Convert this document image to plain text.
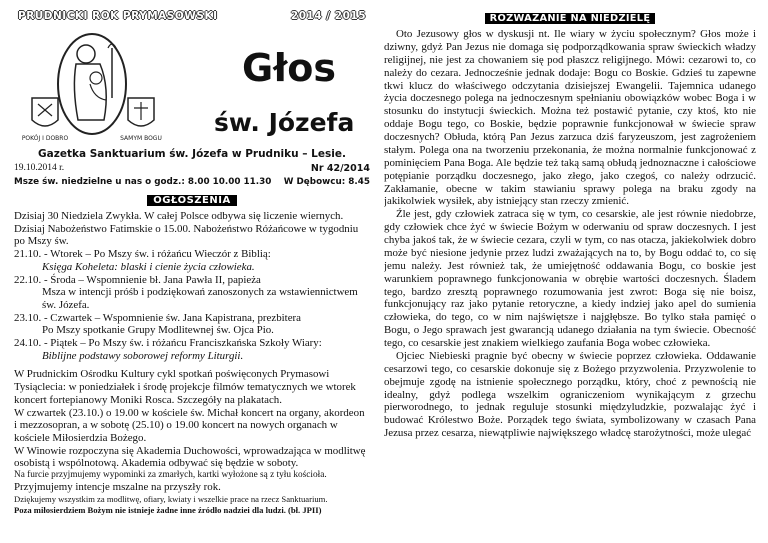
PRUDNICKI ROK PRYMASOWSKI	2014 / 2015
POKÓJ I DOBRO	SAMYM BOGU
Głos
św. Józefa
Gazetka Sanktuarium św. Józefa w Prudniku – Lesie.
19.10.2014 r.	Nr 42/2014
Msze św. niedzielne u nas o godz.: 8.00 10.00 11.30 W Dębowcu: 8.45
OGŁOSZENIA

Dzisiaj 30 Niedziela Zwykła. W całej Polsce odbywa się liczenie wiernych. Dzisiaj Nabożeństwo Fatimskie o 15.00. Nabożeństwo Różańcowe w tygodniu po Mszy św.

21.10. - Wtorek – Po Mszy św. i różańcu Wieczór z Biblią:

Księga Koheleta: blaski i cienie życia człowieka.

22.10. - Środa – Wspomnienie bł. Jana Pawła II, papieża

Msza w intencji próśb i podziękowań zanoszonych za wstawiennictwem św. Józefa.

23.10. - Czwartek – Wspomnienie św. Jana Kapistrana, prezbitera

Po Mszy spotkanie Grupy Modlitewnej św. Ojca Pio.

24.10. - Piątek – Po Mszy św. i różańcu Franciszkańska Szkoły Wiary:

Biblijne podstawy soborowej reformy Liturgii.

W Prudnickim Ośrodku Kultury cykl spotkań poświęconych Prymasowi Tysiąclecia: w poniedziałek i środę projekcje filmów tematycznych we wtorek koncert fortepianowy Moniki Rosca. Szczegóły na plakatach.

W czwartek (23.10.) o 19.00 w kościele św. Michał koncert na organy, akordeon i mezzosopran, a w sobotę (25.10) o 19.00 koncert na nowych organach w kościele Miłosierdzia Bożego.

W Winowie rozpoczyna się Akademia Duchowości, wprowadzająca w modlitwę osobistą i wspólnotową. Akademia odbywać się będzie w soboty.

Na furcie przyjmujemy wypominki za zmarłych, kartki wyłożone są z tyłu kościoła.

Przyjmujemy intencje mszalne na przyszły rok.

Dziękujemy wszystkim za modlitwę, ofiary, kwiaty i wszelkie prace na rzecz Sanktuarium.

Poza miłosierdziem Bożym nie istnieje żadne inne źródło nadziei dla ludzi. (bł. JPII)

ROZWAŻANIE NA NIEDZIELĘ

Oto Jezusowy głos w dyskusji nt. Ile wiary w życiu społecznym? Głos może i dziwny, gdyż Pan Jezus nie domaga się podporządkowania spraw świeckich władzy religijnej, nie jest za chowaniem się pod płaszcz religijnego. Mówi: cezarowi to, co należy do cezara. Jednocześnie jednak dodaje: Bogu co Boskie. Gdzieś tu zapewne tkwi klucz do właściwego odczytania dzisiejszej Ewangelii. Tajemnica udanego życia doczesnego polega na jednoczesnym spełnianiu obowiązków wobec Boga i w stosunku do instytucji świeckich. Można też postawić pytanie, czy ktoś, kto nie oddaje Bogu tego, co Boskie, będzie poprawnie funkcjonował w świecie spraw doczesnych? Obłuda, którą Pan Jezus zarzuca dziś faryzeuszom, jest zagrożeniem stałym. Polega ona na tworzeniu przekonania, że można normalnie funkcjonować z pominięciem Pana Boga. Ale będzie też taką samą obłudą jednoznaczne i całościowe potępianie porządku doczesnego, jako złego, jako czegoś, co należy odrzucić. Zakłamanie, obecne w takim stawianiu sprawy polega na braku zgody na jakikolwiek wysiłek, aby istniejący stan rzeczy zmienić.

Źle jest, gdy człowiek zatraca się w tym, co cesarskie, ale jest równie niedobrze, gdy człowiek chce żyć w świecie Bożym w oderwaniu od spraw doczesnych. I jest chyba jakoś tak, że w świecie cezara, czyli w tym, co nas otacza, jakiekolwiek dobro może być niesione jedynie przez ludzi zważających na to, by Bogu oddać to, co się jemu należy. Jest również tak, że umiejętność oddawania Bogu, co boskie jest warunkiem poprawnego funkcjonowania w obrębie wartości doczesnych. Śladem tego, bardzo zresztą poprawnego rozumowania jest zwrot: Boga się nie boisz, funkcjonujący raz jako pytanie retoryczne, a kiedy indziej jako apel do sumienia człowieka, do tego, co w nim najświętsze i najgłębsze. Bo tylko stała pamięć o Bogu, o Jego sprawach jest gwarancją udanego działania na tym świecie. Obecność tego, co cesarskie jest znakiem wielkiego zaufania Boga wobec człowieka.

Ojciec Niebieski pragnie być obecny w świecie poprzez człowieka. Oddawanie cesarzowi tego, co cesarskie dokonuje się z Bożego przyzwolenia. Przyzwolenie to obejmuje zgodę na istnienie społecznego porządku, który, choć z pewnością nie idealny, gdyż podlega wszelkim ograniczeniom wynikającym z grzechu pierworodnego, to jednak reguluje stosunki międzyludzkie, pozwalając żyć i budować Królestwo Boże. Porządek tego świata, symbolizowany w czasach Pana Jezusa przez cesarza, niewątpliwie największego władcę starożytności, może ulegać
